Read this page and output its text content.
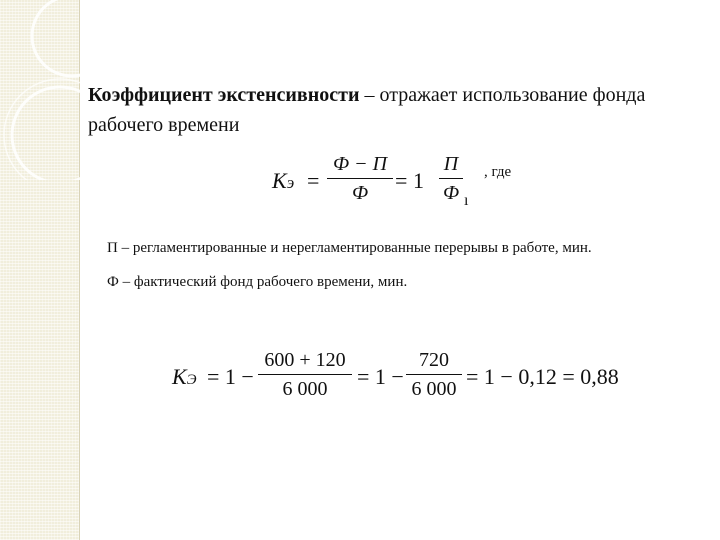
Коэффициент экстенсивности – отражает использование фонда рабочего времени
Kэ =
Ф − П
Ф	= 1
П
Ф
, где
ı

П – регламентированные и нерегламентированные перерывы в работе, мин.

Ф – фактический фонд рабочего времени, мин.

KЭ = 1 −
600 + 120
6 000	= 1 −
720
6 000 = 1 − 0,12 = 0,88
